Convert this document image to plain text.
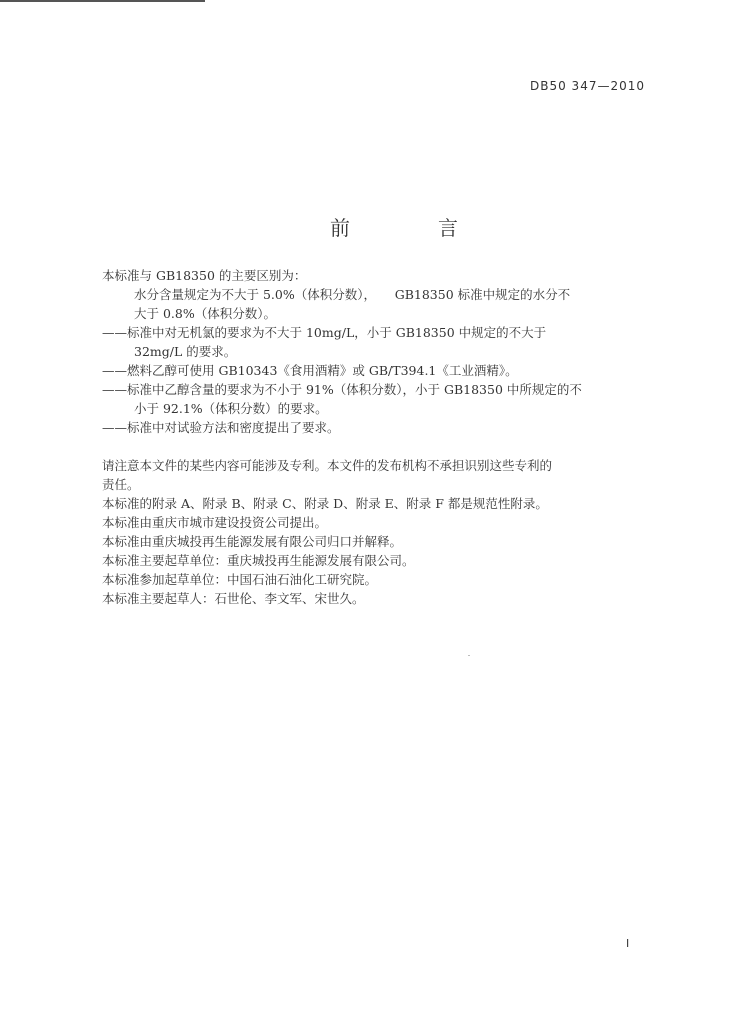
DB50 347—2010
前　言
本标准与 GB18350 的主要区别为：
水分含量规定为不大于 5.0%（体积分数），　　GB18350 标准中规定的水分不
大于 0.8%（体积分数）。
——标准中对无机氯的要求为不大于 10mg/L，小于 GB18350 中规定的不大于
32mg/L 的要求。
——燃料乙醇可使用 GB10343《食用酒精》或 GB/T394.1《工业酒精》。
——标准中乙醇含量的要求为不小于 91%（体积分数），小于 GB18350 中所规定的不
小于 92.1%（体积分数）的要求。
——标准中对试验方法和密度提出了要求。
请注意本文件的某些内容可能涉及专利。本文件的发布机构不承担识别这些专利的
责任。
本标准的附录 A、附录 B、附录 C、附录 D、附录 E、附录 F 都是规范性附录。
本标准由重庆市城市建设投资公司提出。
本标准由重庆城投再生能源发展有限公司归口并解释。
本标准主要起草单位：重庆城投再生能源发展有限公司。
本标准参加起草单位：中国石油石油化工研究院。
本标准主要起草人：石世伦、李文军、宋世久。
I
